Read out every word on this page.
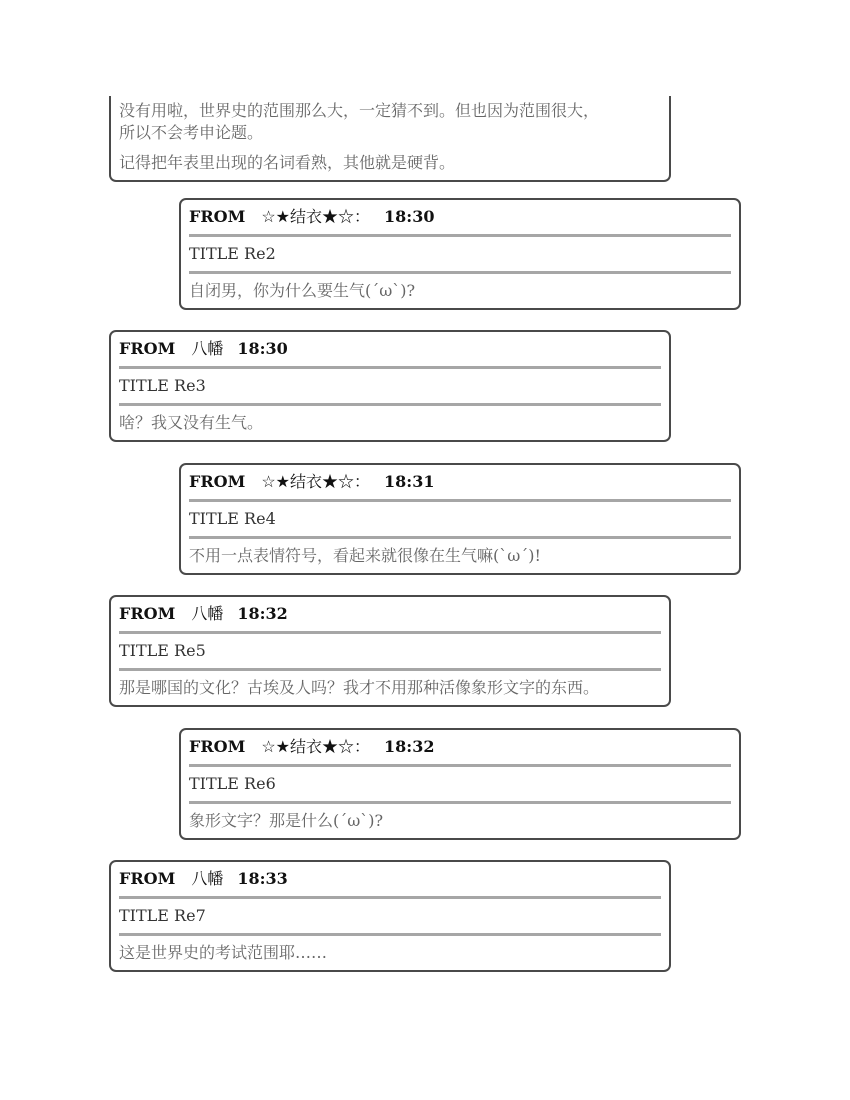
没有用啦，世界史的范围那么大，一定猜不到。但也因为范围很大，

所以不会考申论题。

记得把年表里出现的名词看熟，其他就是硬背。

FROM ☆★结衣★☆： 18:30
TITLE Re2
自闭男，你为什么要生气(´ω`)?
FROM 八幡 18:30
TITLE Re3
啥？我又没有生气。
FROM ☆★结衣★☆： 18:31
TITLE Re4
不用一点表情符号，看起来就很像在生气嘛(`ω´)!
FROM 八幡 18:32
TITLE Re5
那是哪国的文化？古埃及人吗？我才不用那种活像象形文字的东西。
FROM ☆★结衣★☆： 18:32
TITLE Re6
象形文字？那是什么(´ω`)?
FROM 八幡 18:33
TITLE Re7
这是世界史的考试范围耶……
